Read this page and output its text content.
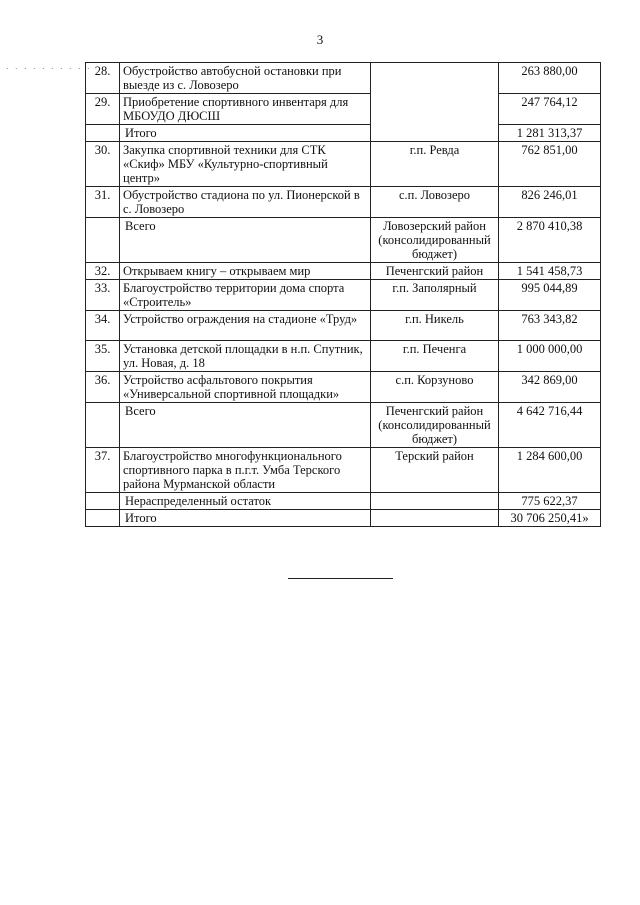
3
. . . . . . . . . . 28.	Обустройство автобусной остановки при выезде из с. Ловозеро		263 880,00
29.	Приобретение спортивного инвентаря для МБОУДО ДЮСШ		247 764,12
	Итого		1 281 313,37
30.	Закупка спортивной техники для СТК «Скиф» МБУ «Культурно-спортивный центр»	г.п. Ревда	762 851,00
31.	Обустройство стадиона по ул. Пионерской в с. Ловозеро	с.п. Ловозеро	826 246,01
	Всего	Ловозерский район (консолидированный бюджет)	2 870 410,38
32.	Открываем книгу – открываем мир	Печенгский район	1 541 458,73
33.	Благоустройство территории дома спорта «Строитель»	г.п. Заполярный	995 044,89
34.	Устройство ограждения на стадионе «Труд»	г.п. Никель	763 343,82
35.	Установка детской площадки в н.п. Спутник, ул. Новая, д. 18	г.п. Печенга	1 000 000,00
36.	Устройство асфальтового покрытия «Универсальной спортивной площадки»	с.п. Корзуново	342 869,00
	Всего	Печенгский район (консолидированный бюджет)	4 642 716,44
37.	Благоустройство многофункционального спортивного парка в п.г.т. Умба Терского района Мурманской области	Терский район	1 284 600,00
	Нераспределенный остаток		775 622,37
	Итого		30 706 250,41»
